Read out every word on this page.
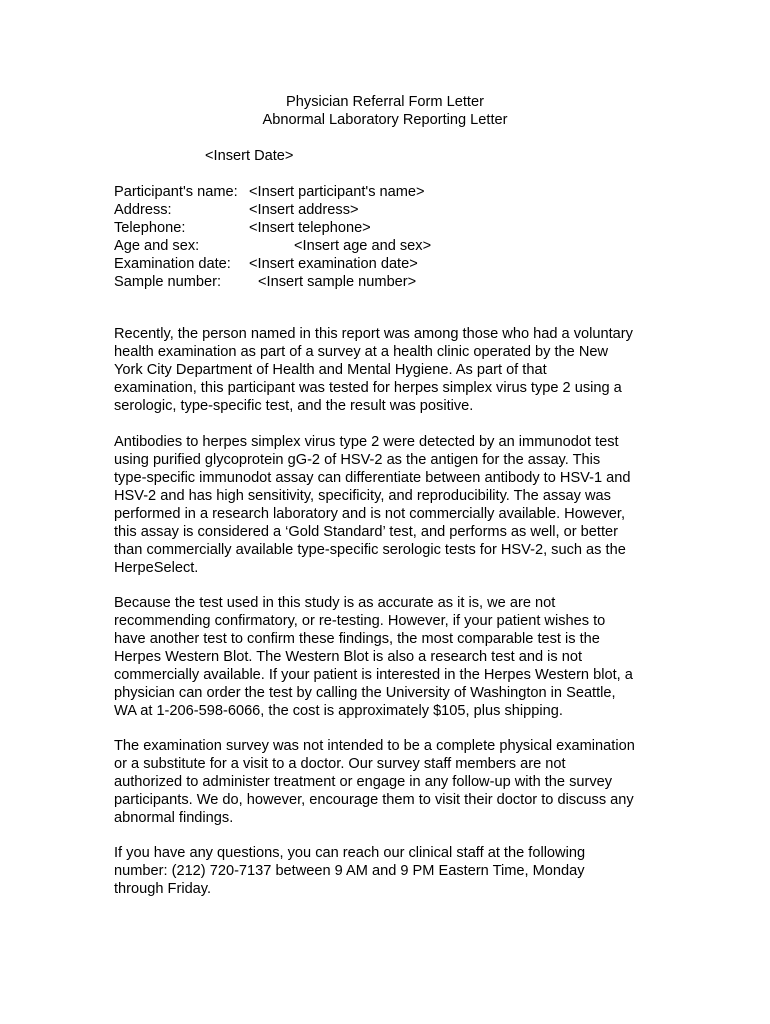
Physician Referral Form Letter
Abnormal Laboratory Reporting Letter
<Insert Date>
Participant's name: <Insert participant's name>
Address:	<Insert address>
Telephone:	<Insert telephone>
Age and sex:	<Insert age and sex>
Examination date: <Insert examination date>
Sample number:	<Insert sample number>

Recently, the person named in this report was among those who had a voluntary
health examination as part of a survey at a health clinic operated by the New
York City Department of Health and Mental Hygiene. As part of that
examination, this participant was tested for herpes simplex virus type 2 using a
serologic, type-specific test, and the result was positive.

Antibodies to herpes simplex virus type 2 were detected by an immunodot test
using purified glycoprotein gG-2 of HSV-2 as the antigen for the assay. This
type-specific immunodot assay can differentiate between antibody to HSV-1 and
HSV-2 and has high sensitivity, specificity, and reproducibility. The assay was
performed in a research laboratory and is not commercially available. However,
this assay is considered a ‘Gold Standard’ test, and performs as well, or better
than commercially available type-specific serologic tests for HSV-2, such as the
HerpeSelect.

Because the test used in this study is as accurate as it is, we are not
recommending confirmatory, or re-testing. However, if your patient wishes to
have another test to confirm these findings, the most comparable test is the
Herpes Western Blot. The Western Blot is also a research test and is not
commercially available. If your patient is interested in the Herpes Western blot, a
physician can order the test by calling the University of Washington in Seattle,
WA at 1-206-598-6066, the cost is approximately $105, plus shipping.

The examination survey was not intended to be a complete physical examination
or a substitute for a visit to a doctor. Our survey staff members are not
authorized to administer treatment or engage in any follow-up with the survey
participants. We do, however, encourage them to visit their doctor to discuss any
abnormal findings.

If you have any questions, you can reach our clinical staff at the following
number: (212) 720-7137 between 9 AM and 9 PM Eastern Time, Monday
through Friday.
